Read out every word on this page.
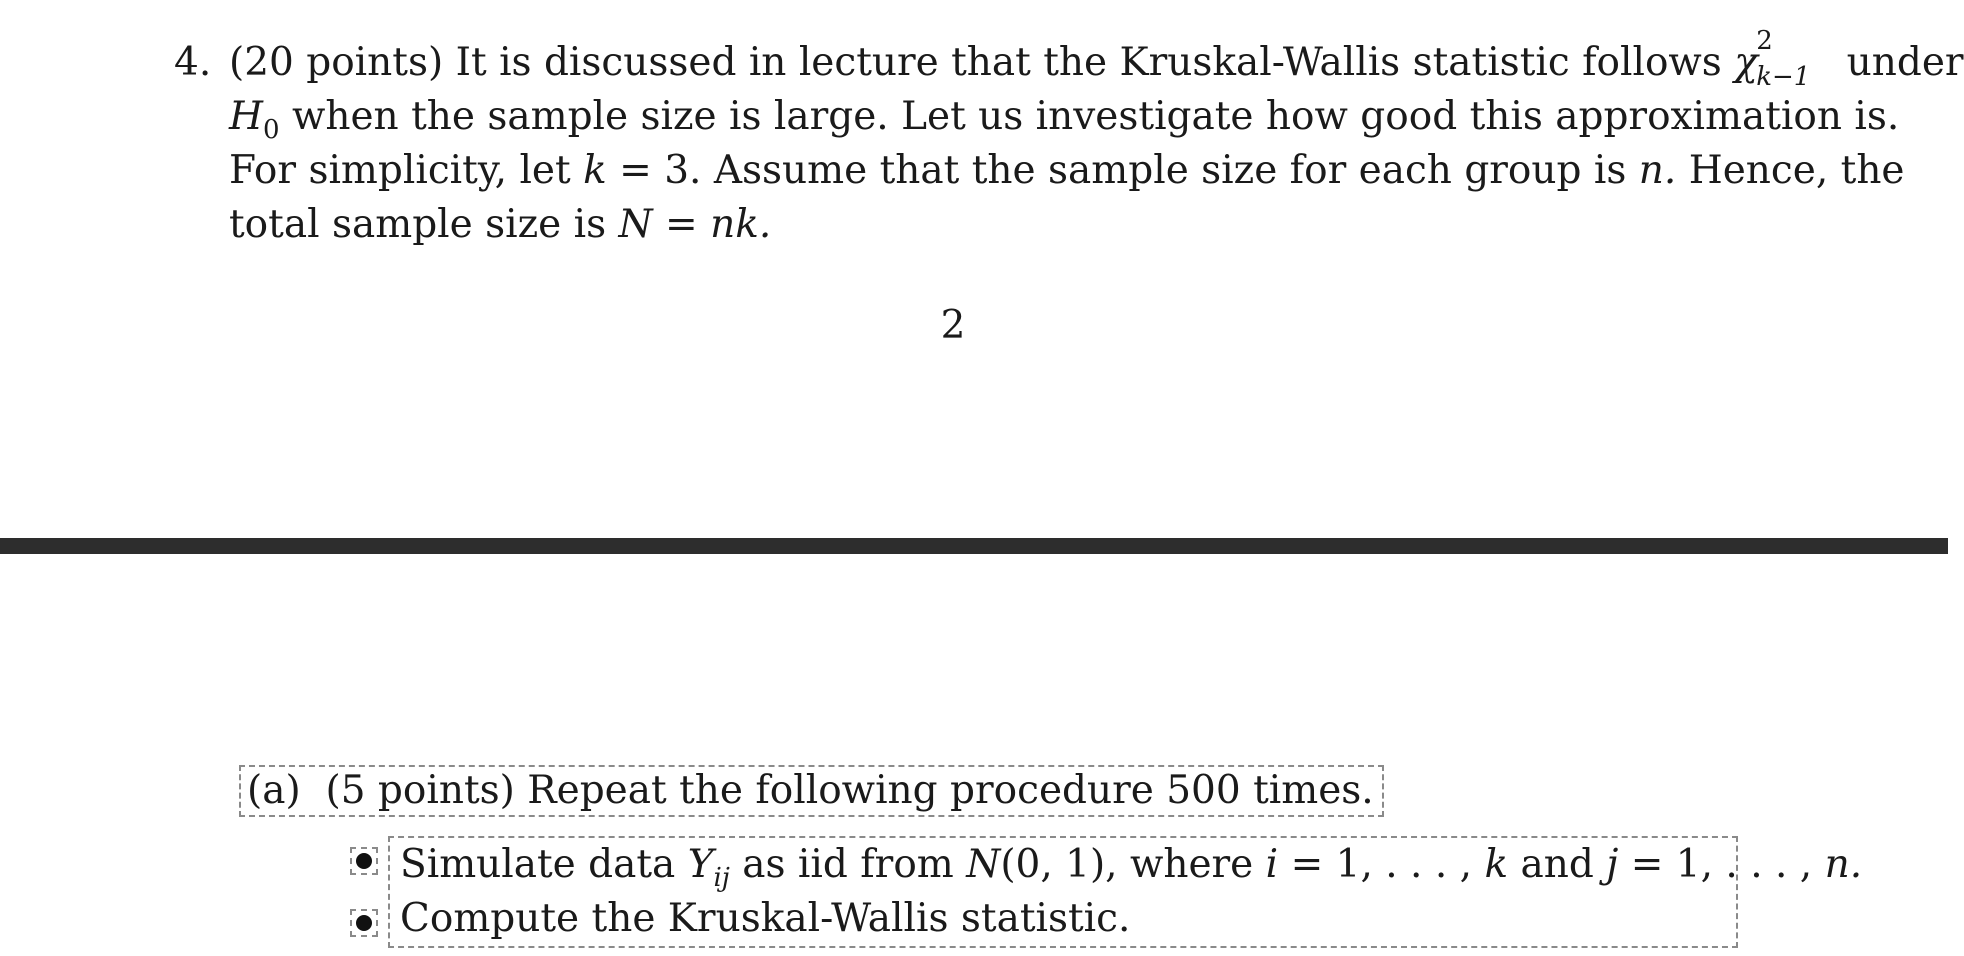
4. (20 points) It is discussed in lecture that the Kruskal-Wallis statistic follows χ
2
k−1 under
$H_0$ when the sample size is large. Let us investigate how good this approximation is.
For simplicity, let k = 3. Assume that the sample size for each group is n. Hence, the
total sample size is N = nk.
2
(a) (5 points) Repeat the following procedure 500 times.
Simulate data $Y_{ij}$ as iid from N(0, 1), where i = 1, . . . , k and j = 1, . . . , n.
Compute the Kruskal-Wallis statistic.
